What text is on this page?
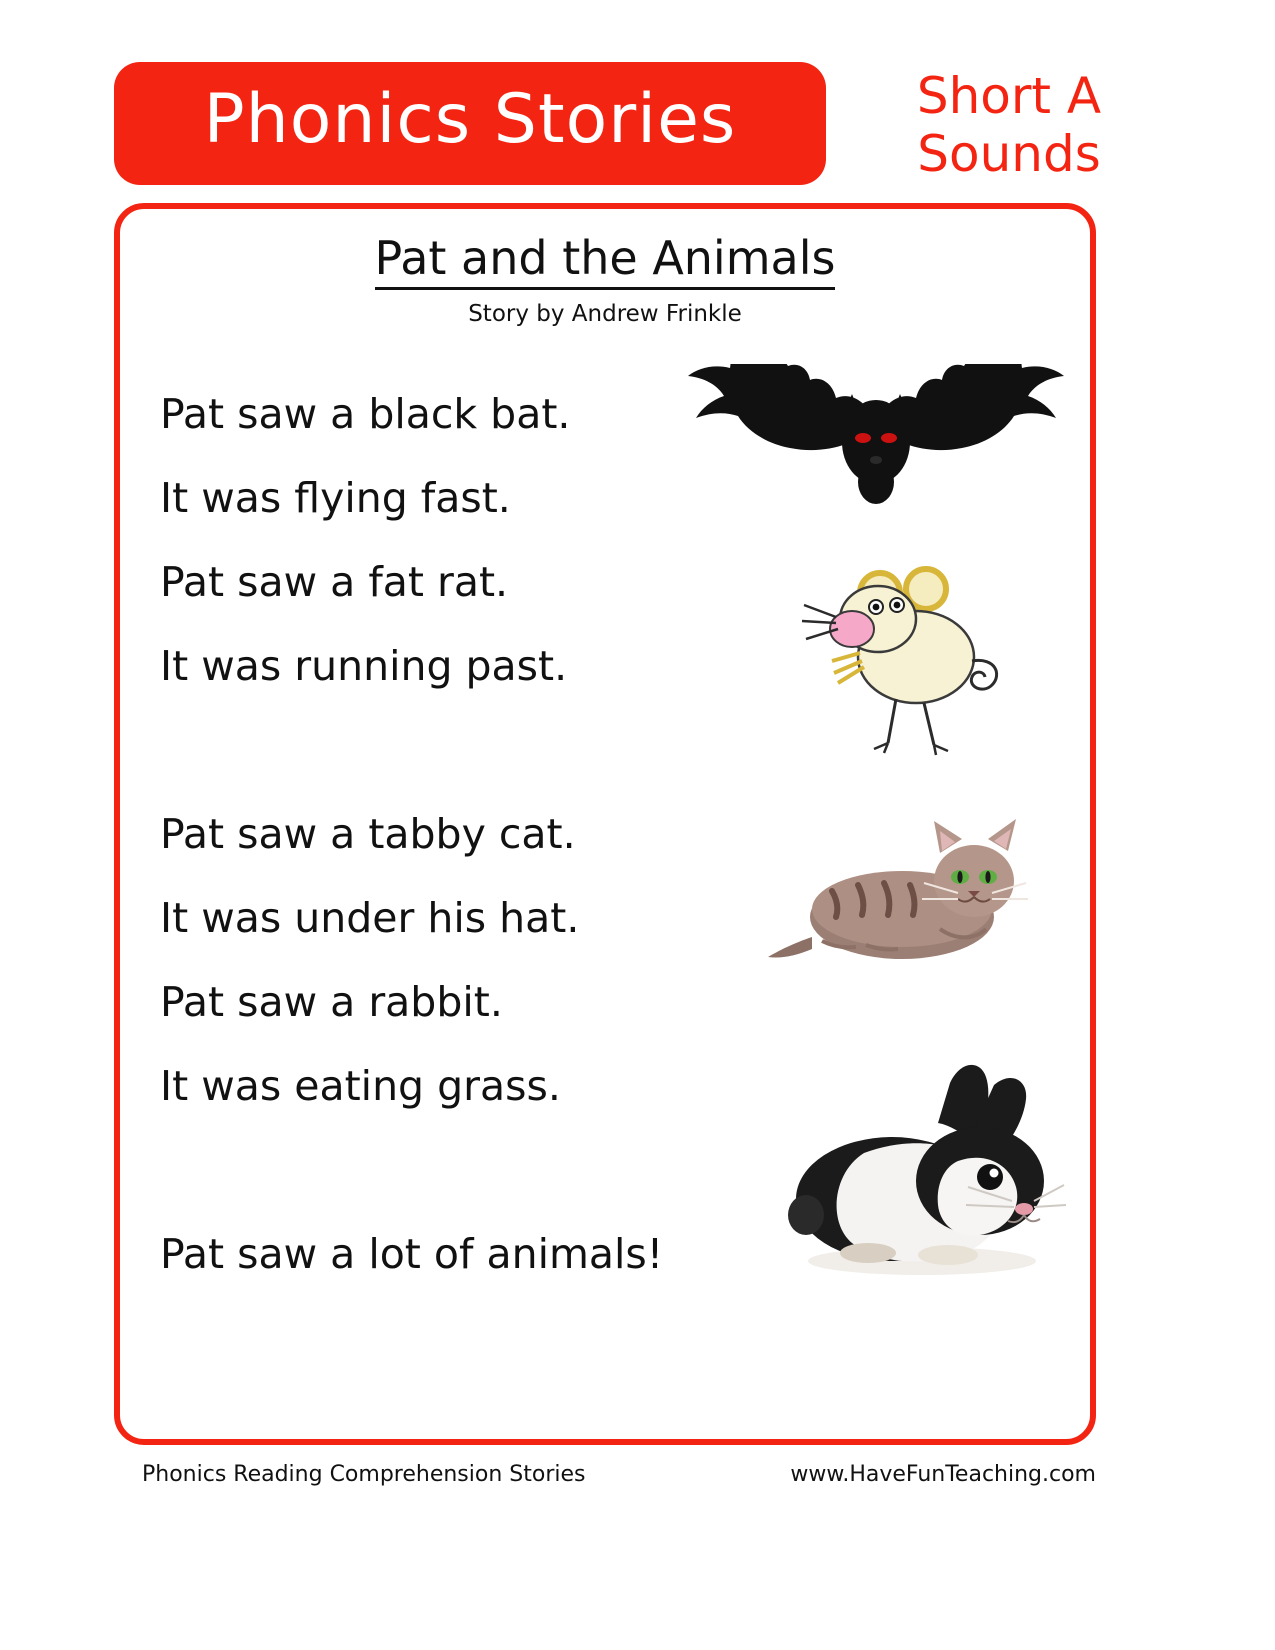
Phonics Stories	Short A
Sounds
Pat and the Animals
Story by Andrew Frinkle
Pat saw a black bat.
It was flying fast.
Pat saw a fat rat.
It was running past.
Pat saw a tabby cat.
It was under his hat.
Pat saw a rabbit.
It was eating grass.
Pat saw a lot of animals!
Phonics Reading Comprehension Stories	www.HaveFunTeaching.com
